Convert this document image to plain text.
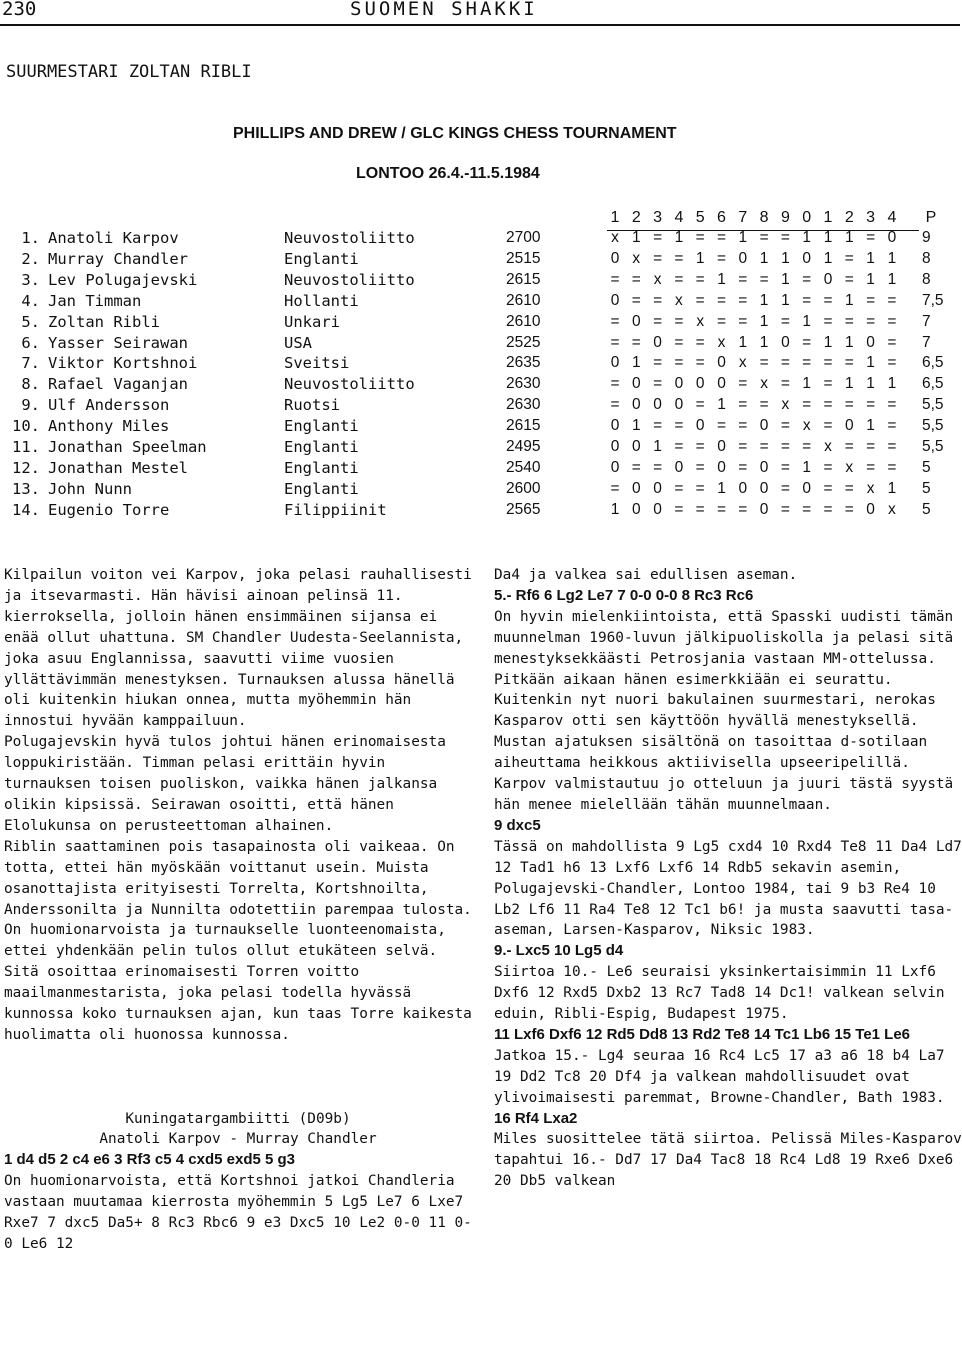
230	SUOMEN SHAKKI
SUURMESTARI ZOLTAN RIBLI
PHILLIPS AND DREW / GLC KINGS CHESS TOURNAMENT
LONTOO 26.4.-11.5.1984
1 2 3 4 5 6 7 8 9 0 1 2 3 4 P
1. Anatoli Karpov	Neuvostoliitto	2700	x 1 = 1 = = 1 = = 1 1 1 = 0	9
2. Murray Chandler	Englanti	2515	0 x = = 1 = 0 1 1 0 1 = 1 1	8
3. Lev Polugajevski	Neuvostoliitto	2615	= = x = = 1 = = 1 = 0 = 1 1	8
4. Jan Timman	Hollanti	2610	0 = = x = = = 1 1 = = 1 = = 7,5
5. Zoltan Ribli	Unkari	2610	= 0 = = x = = 1 = 1 = = = = 7
6. Yasser Seirawan	USA	2525	= = 0 = = x 1 1 0 = 1 1 0 = 7
7. Viktor Kortshnoi	Sveitsi	2635	0 1 = = = 0 x = = = = = 1 = 6,5
8. Rafael Vaganjan	Neuvostoliitto	2630	= 0 = 0 0 0 = x = 1 = 1 1 1	6,5
9. Ulf Andersson	Ruotsi	2630	= 0 0 0 = 1 = = x = = = = = 5,5
10. Anthony Miles	Englanti	2615	0 1 = = 0 = = 0 = x = 0 1 = 5,5
11. Jonathan Speelman	Englanti	2495	0 0 1 = = 0 = = = = x = = = 5,5
12. Jonathan Mestel	Englanti	2540	0 = = 0 = 0 = 0 = 1 = x = = 5
13. John Nunn	Englanti	2600	= 0 0 = = 1 0 0 = 0 = = x 1	5
14. Eugenio Torre	Filippiinit	2565	1 0 0 = = = = 0 = = = = 0 x	5

Kilpailun voiton vei Karpov, joka pelasi rauhallisesti ja itsevarmasti. Hän hävisi ainoan pelinsä 11. kierroksella, jolloin hänen ensimmäinen sijansa ei enää ollut uhattuna. SM Chandler Uudesta-Seelannista, joka asuu Englannissa, saavutti viime vuosien yllättävimmän menestyksen. Turnauksen alussa hänellä oli kuitenkin hiukan onnea, mutta myöhemmin hän innostui hyvään kamppailuun.

Polugajevskin hyvä tulos johtui hänen erinomaisesta loppukiristään. Timman pelasi erittäin hyvin turnauksen toisen puoliskon, vaikka hänen jalkansa olikin kipsissä. Seirawan osoitti, että hänen Elolukunsa on perusteettoman alhainen.

Riblin saattaminen pois tasapainosta oli vaikeaa. On totta, ettei hän myöskään voittanut usein. Muista osanottajista erityisesti Torrelta, Kortshnoilta, Anderssonilta ja Nunnilta odotettiin parempaa tulosta.

On huomionarvoista ja turnaukselle luonteenomaista, ettei yhdenkään pelin tulos ollut etukäteen selvä. Sitä osoittaa erinomaisesti Torren voitto maailmanmestarista, joka pelasi todella hyvässä kunnossa koko turnauksen ajan, kun taas Torre kaikesta huolimatta oli huonossa kunnossa.

Kuningatargambiitti (D09b)

Anatoli Karpov - Murray Chandler

1 d4 d5 2 c4 e6 3 Rf3 c5 4 cxd5 exd5 5 g3

On huomionarvoista, että Kortshnoi jatkoi Chandleria vastaan muutamaa kierrosta myöhemmin 5 Lg5 Le7 6 Lxe7 Rxe7 7 dxc5 Da5+ 8 Rc3 Rbc6 9 e3 Dxc5 10 Le2 0-0 11 0-0 Le6 12

Da4 ja valkea sai edullisen aseman.

5.- Rf6 6 Lg2 Le7 7 0-0 0-0 8 Rc3 Rc6

On hyvin mielenkiintoista, että Spasski uudisti tämän muunnelman 1960-luvun jälkipuoliskolla ja pelasi sitä menestyksekkäästi Petrosjania vastaan MM-ottelussa. Pitkään aikaan hänen esimerkkiään ei seurattu. Kuitenkin nyt nuori bakulainen suurmestari, nerokas Kasparov otti sen käyttöön hyvällä menestyksellä. Mustan ajatuksen sisältönä on tasoittaa d-sotilaan aiheuttama heikkous aktiivisella upseeripelillä.

Karpov valmistautuu jo otteluun ja juuri tästä syystä hän menee mielellään tähän muunnelmaan.

9 dxc5

Tässä on mahdollista 9 Lg5 cxd4 10 Rxd4 Te8 11 Da4 Ld7 12 Tad1 h6 13 Lxf6 Lxf6 14 Rdb5 sekavin asemin, Polugajevski-Chandler, Lontoo 1984, tai 9 b3 Re4 10 Lb2 Lf6 11 Ra4 Te8 12 Tc1 b6! ja musta saavutti tasa-aseman, Larsen-Kasparov, Niksic 1983.

9.- Lxc5 10 Lg5 d4

Siirtoa 10.- Le6 seuraisi yksinkertaisimmin 11 Lxf6 Dxf6 12 Rxd5 Dxb2 13 Rc7 Tad8 14 Dc1! valkean selvin eduin, Ribli-Espig, Budapest 1975.

11 Lxf6 Dxf6 12 Rd5 Dd8 13 Rd2 Te8 14 Tc1 Lb6 15 Te1 Le6

Jatkoa 15.- Lg4 seuraa 16 Rc4 Lc5 17 a3 a6 18 b4 La7 19 Dd2 Tc8 20 Df4 ja valkean mahdollisuudet ovat ylivoimaisesti paremmat, Browne-Chandler, Bath 1983.

16 Rf4 Lxa2

Miles suosittelee tätä siirtoa. Pelissä Miles-Kasparov tapahtui 16.- Dd7 17 Da4 Tac8 18 Rc4 Ld8 19 Rxe6 Dxe6 20 Db5 valkean
